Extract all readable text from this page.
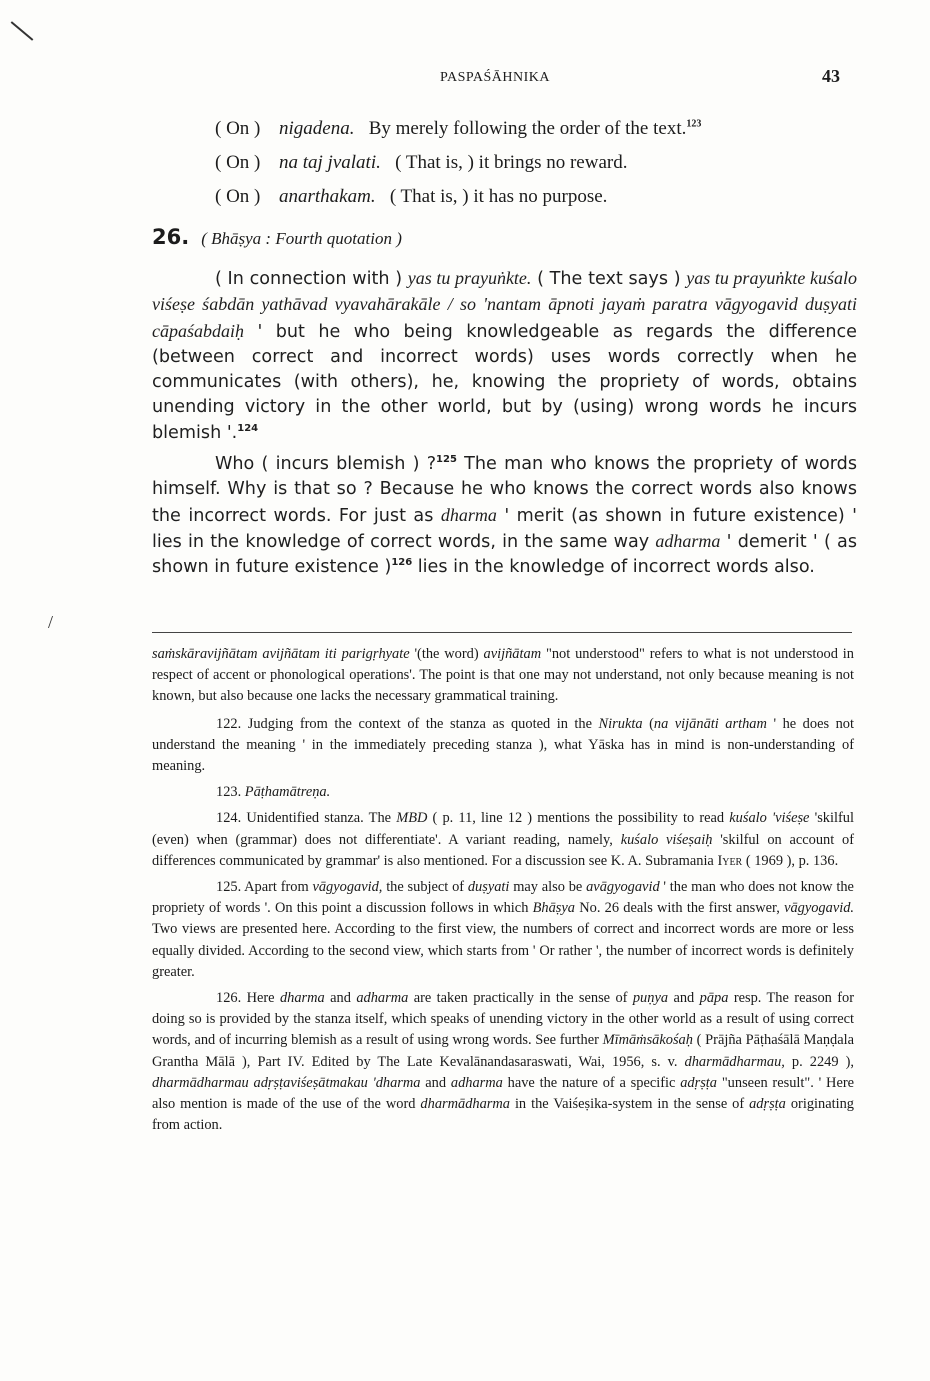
/
PASPAŚĀHNIKA	43

( On ) nigadena. By merely following the order of the text.$^{123}$

( On ) na taj jvalati. ( That is, ) it brings no reward.

( On ) anarthakam. ( That is, ) it has no purpose.

26. ( Bhāṣya : Fourth quotation )

( In connection with ) yas tu prayuṅkte. ( The text says ) yas tu prayuṅkte kuśalo viśeṣe śabdān yathāvad vyavahārakāle / so 'nantam āpnoti jayaṁ paratra vāgyogavid duṣyati cāpaśabdaiḥ ' but he who being knowledgeable as regards the difference (between correct and incorrect words) uses words correctly when he communicates (with others), he, knowing the propriety of words, obtains unending victory in the other world, but by (using) wrong words he incurs blemish '.$^{124}$

Who ( incurs blemish ) ?$^{125}$ The man who knows the propriety of words himself. Why is that so ? Because he who knows the correct words also knows the incorrect words. For just as dharma ' merit (as shown in future existence) ' lies in the knowledge of correct words, in the same way adharma ' demerit ' ( as shown in future existence )$^{126}$ lies in the knowledge of incorrect words also.

saṁskāravijñātam avijñātam iti parigṛhyate '(the word) avijñātam "not understood" refers to what is not understood in respect of accent or phonological operations'. The point is that one may not understand, not only because meaning is not known, but also because one lacks the necessary grammatical training.

122. Judging from the context of the stanza as quoted in the Nirukta (na vijānāti artham ' he does not understand the meaning ' in the immediately preceding stanza ), what Yāska has in mind is non-understanding of meaning.

123. Pāṭhamātreṇa.

124. Unidentified stanza. The MBD ( p. 11, line 12 ) mentions the possibility to read kuśalo 'viśeṣe 'skilful (even) when (grammar) does not differentiate'. A variant reading, namely, kuśalo viśeṣaiḥ 'skilful on account of differences communicated by grammar' is also mentioned. For a discussion see K. A. Subramania Iyer ( 1969 ), p. 136.

125. Apart from vāgyogavid, the subject of duṣyati may also be avāgyogavid ' the man who does not know the propriety of words '. On this point a discussion follows in which Bhāṣya No. 26 deals with the first answer, vāgyogavid. Two views are presented here. According to the first view, the numbers of correct and incorrect words are more or less equally divided. According to the second view, which starts from ' Or rather ', the number of incorrect words is definitely greater.

126. Here dharma and adharma are taken practically in the sense of puṇya and pāpa resp. The reason for doing so is provided by the stanza itself, which speaks of unending victory in the other world as a result of using correct words, and of incurring blemish as a result of using wrong words. See further Mīmāṁsākośaḥ ( Prājña Pāṭhaśālā Maṇḍala Grantha Mālā ), Part IV. Edited by The Late Kevalānandasaraswati, Wai, 1956, s. v. dharmādharmau, p. 2249 ), dharmādharmau adṛṣṭaviśeṣātmakau 'dharma and adharma have the nature of a specific adṛṣṭa "unseen result". ' Here also mention is made of the use of the word dharmādharma in the Vaiśeṣika-system in the sense of adṛṣṭa originating from action.
